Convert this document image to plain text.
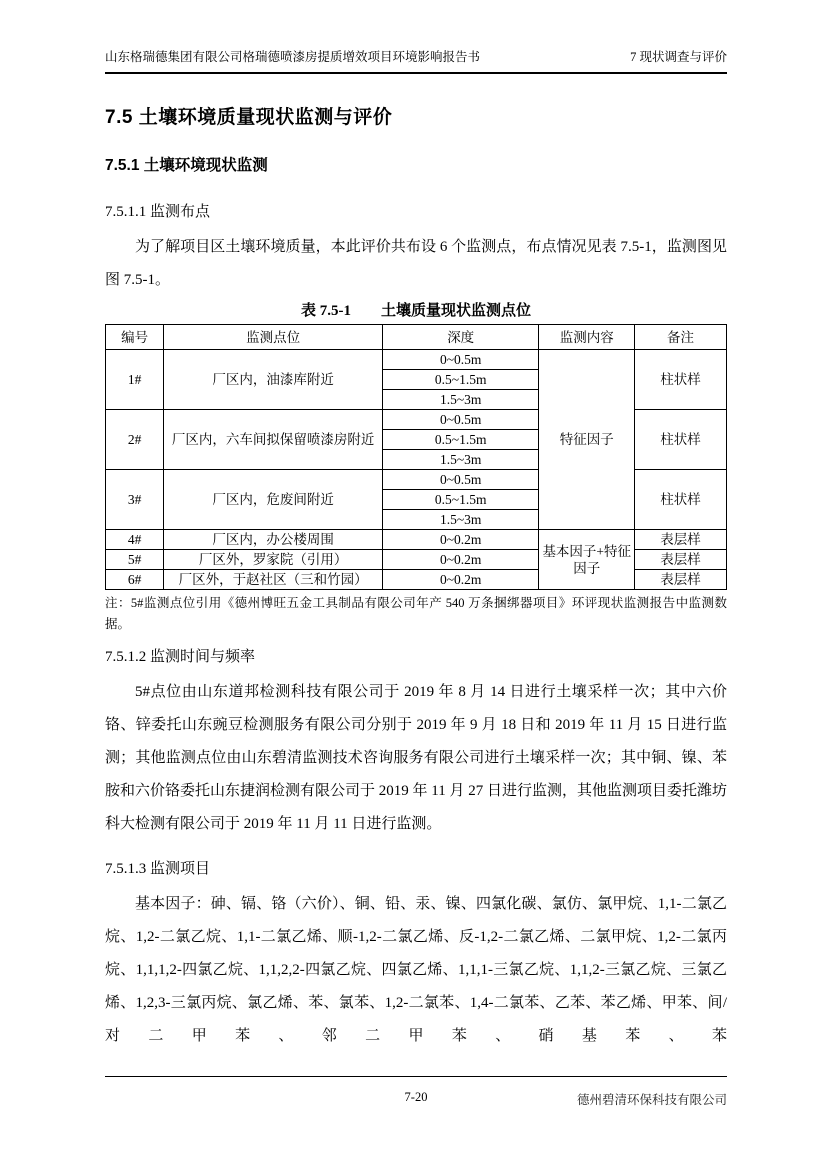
山东格瑞德集团有限公司格瑞德喷漆房提质增效项目环境影响报告书	7 现状调查与评价
7.5 土壤环境质量现状监测与评价
7.5.1 土壤环境现状监测
7.5.1.1 监测布点

为了解项目区土壤环境质量，本此评价共布设 6 个监测点，布点情况见表 7.5-1，监测图见图 7.5-1。

表 7.5-1 土壤质量现状监测点位
编号	监测点位	深度	监测内容	备注
1#	厂区内，油漆库附近	0~0.5m	特征因子	柱状样
		0.5~1.5m		
		1.5~3m		
2#	厂区内，六车间拟保留喷漆房附近	0~0.5m		柱状样
		0.5~1.5m		
		1.5~3m		
3#	厂区内，危废间附近	0~0.5m		柱状样
		0.5~1.5m		
		1.5~3m		
4#	厂区内，办公楼周围	0~0.2m	基本因子+特征因子	表层样
5#	厂区外，罗家院（引用）	0~0.2m		表层样
6#	厂区外，于赵社区（三和竹园）	0~0.2m		表层样
注：5#监测点位引用《德州博旺五金工具制品有限公司年产 540 万条捆绑器项目》环评现状监测报告中监测数据。
7.5.1.2 监测时间与频率

5#点位由山东道邦检测科技有限公司于 2019 年 8 月 14 日进行土壤采样一次；其中六价铬、锌委托山东豌豆检测服务有限公司分别于 2019 年 9 月 18 日和 2019 年 11 月 15 日进行监测；其他监测点位由山东碧清监测技术咨询服务有限公司进行土壤采样一次；其中铜、镍、苯胺和六价铬委托山东捷润检测有限公司于 2019 年 11 月 27 日进行监测，其他监测项目委托潍坊科大检测有限公司于 2019 年 11 月 11 日进行监测。

7.5.1.3 监测项目

基本因子：砷、镉、铬（六价）、铜、铅、汞、镍、四氯化碳、氯仿、氯甲烷、1,1-二氯乙烷、1,2-二氯乙烷、1,1-二氯乙烯、顺-1,2-二氯乙烯、反-1,2-二氯乙烯、二氯甲烷、1,2-二氯丙烷、1,1,1,2-四氯乙烷、1,1,2,2-四氯乙烷、四氯乙烯、1,1,1-三氯乙烷、1,1,2-三氯乙烷、三氯乙烯、1,2,3-三氯丙烷、氯乙烯、苯、氯苯、1,2-二氯苯、1,4-二氯苯、乙苯、苯乙烯、甲苯、间/对二甲苯、邻二甲苯、硝基苯、苯

7-20	德州碧清环保科技有限公司
